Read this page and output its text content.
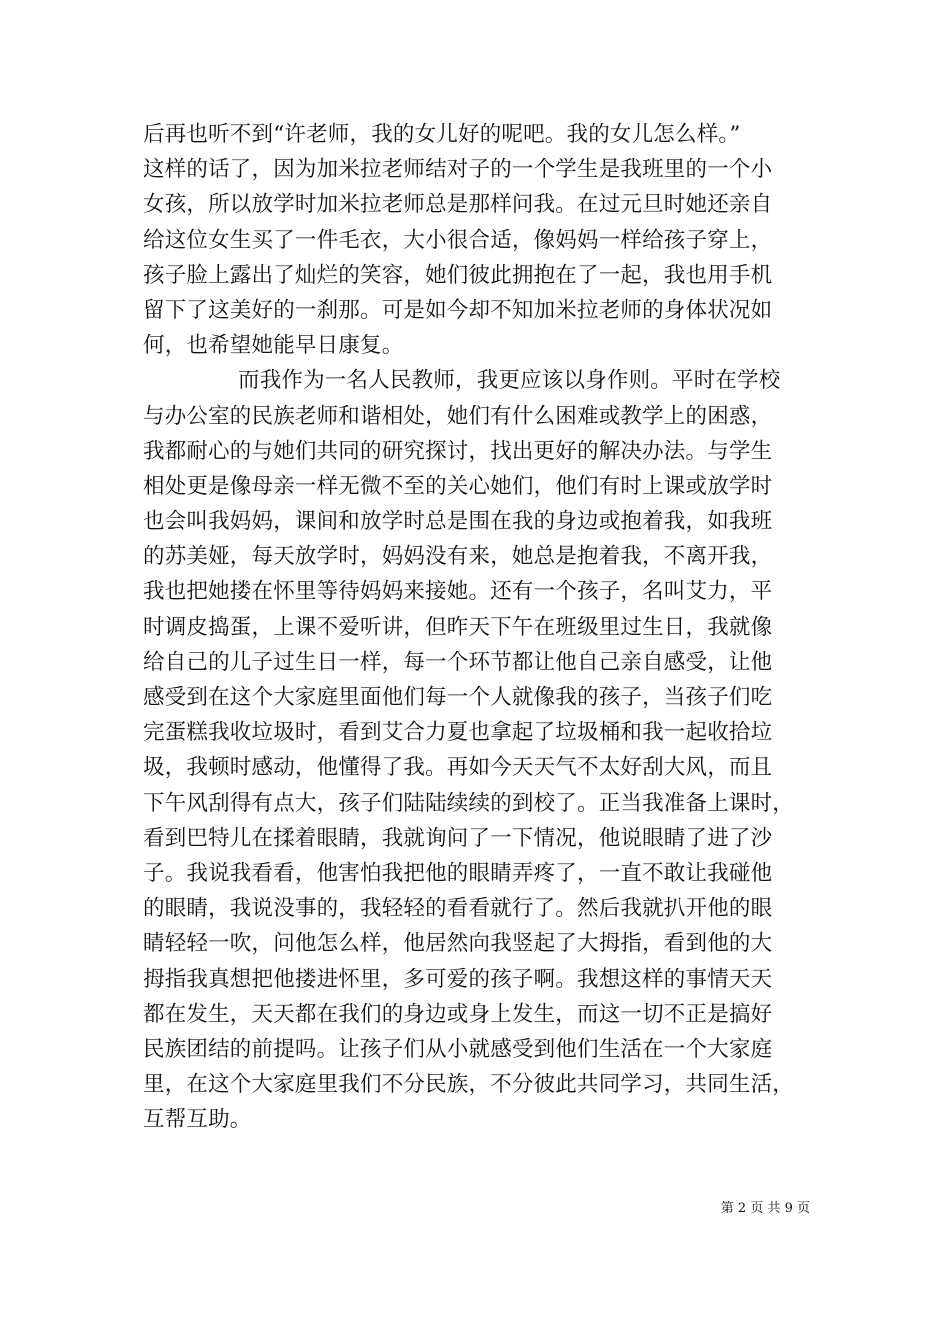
后再也听不到“许老师，我的女儿好的呢吧。我的女儿怎么样。”
这样的话了，因为加米拉老师结对子的一个学生是我班里的一个小
女孩，所以放学时加米拉老师总是那样问我。在过元旦时她还亲自
给这位女生买了一件毛衣，大小很合适，像妈妈一样给孩子穿上，
孩子脸上露出了灿烂的笑容，她们彼此拥抱在了一起，我也用手机
留下了这美好的一刹那。可是如今却不知加米拉老师的身体状况如
何，也希望她能早日康复。
而我作为一名人民教师，我更应该以身作则。平时在学校
与办公室的民族老师和谐相处，她们有什么困难或教学上的困惑，
我都耐心的与她们共同的研究探讨，找出更好的解决办法。与学生
相处更是像母亲一样无微不至的关心她们，他们有时上课或放学时
也会叫我妈妈，课间和放学时总是围在我的身边或抱着我，如我班
的苏美娅，每天放学时，妈妈没有来，她总是抱着我，不离开我，
我也把她搂在怀里等待妈妈来接她。还有一个孩子，名叫艾力，平
时调皮捣蛋，上课不爱听讲，但昨天下午在班级里过生日，我就像
给自己的儿子过生日一样，每一个环节都让他自己亲自感受，让他
感受到在这个大家庭里面他们每一个人就像我的孩子，当孩子们吃
完蛋糕我收垃圾时，看到艾合力夏也拿起了垃圾桶和我一起收拾垃
圾，我顿时感动，他懂得了我。再如今天天气不太好刮大风，而且
下午风刮得有点大，孩子们陆陆续续的到校了。正当我准备上课时，
看到巴特儿在揉着眼睛，我就询问了一下情况，他说眼睛了进了沙
子。我说我看看，他害怕我把他的眼睛弄疼了，一直不敢让我碰他
的眼睛，我说没事的，我轻轻的看看就行了。然后我就扒开他的眼
睛轻轻一吹，问他怎么样，他居然向我竖起了大拇指，看到他的大
拇指我真想把他搂进怀里，多可爱的孩子啊。我想这样的事情天天
都在发生，天天都在我们的身边或身上发生，而这一切不正是搞好
民族团结的前提吗。让孩子们从小就感受到他们生活在一个大家庭
里，在这个大家庭里我们不分民族，不分彼此共同学习，共同生活，
互帮互助。
第 2 页 共 9 页
